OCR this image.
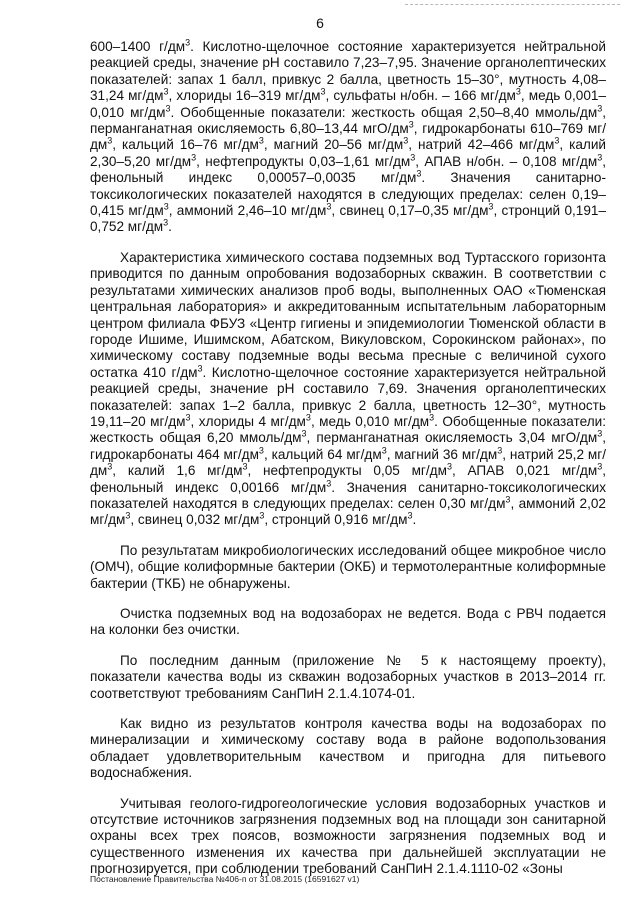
6

600–1400 $г/дм^3$. Кислотно-щелочное состояние характеризуется нейтральной реакцией среды, значение pH составило 7,23–7,95. Значение органолептических показателей: запах 1 балл, привкус 2 балла, цветность 15–30°, мутность 4,08–31,24 $мг/дм^3$, хлориды 16–319 $мг/дм^3$, сульфаты н/обн. – 166 $мг/дм^3$, медь 0,001–0,010 $мг/дм^3$. Обобщенные показатели: жесткость общая 2,50–8,40 ммоль/$дм^3$, перманганатная окисляемость 6,80–13,44 мгО/$дм^3$, гидрокарбонаты 610–769 $мг/дм^3$, кальций 16–76 $мг/дм^3$, магний 20–56 $мг/дм^3$, натрий 42–466 $мг/дм^3$, калий 2,30–5,20 $мг/дм^3$, нефтепродукты 0,03–1,61 $мг/дм^3$, АПАВ н/обн. – 0,108 $мг/дм^3$, фенольный индекс 0,00057–0,0035 $мг/дм^3$. Значения санитарно-токсикологических показателей находятся в следующих пределах: селен 0,19–0,415 $мг/дм^3$, аммоний 2,46–10 $мг/дм^3$, свинец 0,17–0,35 $мг/дм^3$, стронций 0,191–0,752 $мг/дм^3$.

Характеристика химического состава подземных вод Туртасского горизонта приводится по данным опробования водозаборных скважин. В соответствии с результатами химических анализов проб воды, выполненных ОАО «Тюменская центральная лаборатория» и аккредитованным испытательным лабораторным центром филиала ФБУЗ «Центр гигиены и эпидемиологии Тюменской области в городе Ишиме, Ишимском, Абатском, Викуловском, Сорокинском районах», по химическому составу подземные воды весьма пресные с величиной сухого остатка 410 $г/дм^3$. Кислотно-щелочное состояние характеризуется нейтральной реакцией среды, значение pH составило 7,69. Значения органолептических показателей: запах 1–2 балла, привкус 2 балла, цветность 12–30°, мутность 19,11–20 $мг/дм^3$, хлориды 4 $мг/дм^3$, медь 0,010 $мг/дм^3$. Обобщенные показатели: жесткость общая 6,20 ммоль/$дм^3$, перманганатная окисляемость 3,04 мгО/$дм^3$, гидрокарбонаты 464 $мг/дм^3$, кальций 64 $мг/дм^3$, магний 36 $мг/дм^3$, натрий 25,2 $мг/дм^3$, калий 1,6 $мг/дм^3$, нефтепродукты 0,05 $мг/дм^3$, АПАВ 0,021 $мг/дм^3$, фенольный индекс 0,00166 $мг/дм^3$. Значения санитарно-токсикологических показателей находятся в следующих пределах: селен 0,30 $мг/дм^3$, аммоний 2,02 $мг/дм^3$, свинец 0,032 $мг/дм^3$, стронций 0,916 $мг/дм^3$.

По результатам микробиологических исследований общее микробное число (ОМЧ), общие колиформные бактерии (ОКБ) и термотолерантные колиформные бактерии (ТКБ) не обнаружены.

Очистка подземных вод на водозаборах не ведется. Вода с РВЧ подается на колонки без очистки.

По последним данным (приложение № 5 к настоящему проекту), показатели качества воды из скважин водозаборных участков в 2013–2014 гг. соответствуют требованиям СанПиН 2.1.4.1074-01.

Как видно из результатов контроля качества воды на водозаборах по минерализации и химическому составу вода в районе водопользования обладает удовлетворительным качеством и пригодна для питьевого водоснабжения.

Учитывая геолого-гидрогеологические условия водозаборных участков и отсутствие источников загрязнения подземных вод на площади зон санитарной охраны всех трех поясов, возможности загрязнения подземных вод и существенного изменения их качества при дальнейшей эксплуатации не прогнозируется, при соблюдении требований СанПиН 2.1.4.1110-02 «Зоны

Постановление Правительства №406-п от 31.08.2015 (16591627 v1)
